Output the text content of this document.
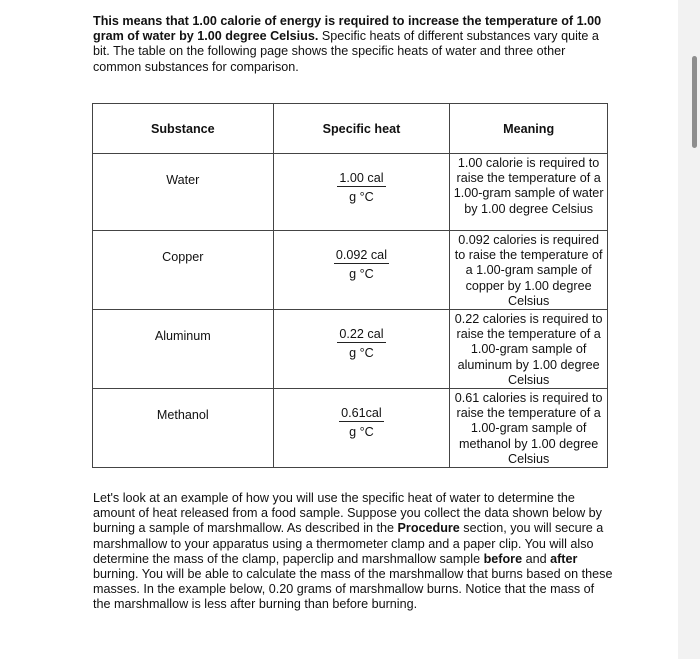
This means that 1.00 calorie of energy is required to increase the temperature of 1.00 gram of water by 1.00 degree Celsius. Specific heats of different substances vary quite a bit. The table on the following page shows the specific heats of water and three other common substances for comparison.

Substance	Specific heat	Meaning

Water	$\frac{\text{1.00 cal}}{g ^\circ C}$	1.00 calorie is required to raise the temperature of a 1.00-gram sample of water by 1.00 degree Celsius

Copper	$\frac{\text{0.092 cal}}{g ^\circ C}$	0.092 calories is required to raise the temperature of a 1.00-gram sample of copper by 1.00 degree Celsius

Aluminum	$\frac{\text{0.22 cal}}{g ^\circ C}$	0.22 calories is required to raise the temperature of a 1.00-gram sample of aluminum by 1.00 degree Celsius

Methanol	$\frac{\text{0.61cal}}{g ^\circ C}$	0.61 calories is required to raise the temperature of a 1.00-gram sample of methanol by 1.00 degree Celsius

Let's look at an example of how you will use the specific heat of water to determine the amount of heat released from a food sample. Suppose you collect the data shown below by burning a sample of marshmallow. As described in the Procedure section, you will secure a marshmallow to your apparatus using a thermometer clamp and a paper clip. You will also determine the mass of the clamp, paperclip and marshmallow sample before and after burning. You will be able to calculate the mass of the marshmallow that burns based on these masses. In the example below, 0.20 grams of marshmallow burns. Notice that the mass of the marshmallow is less after burning than before burning.
